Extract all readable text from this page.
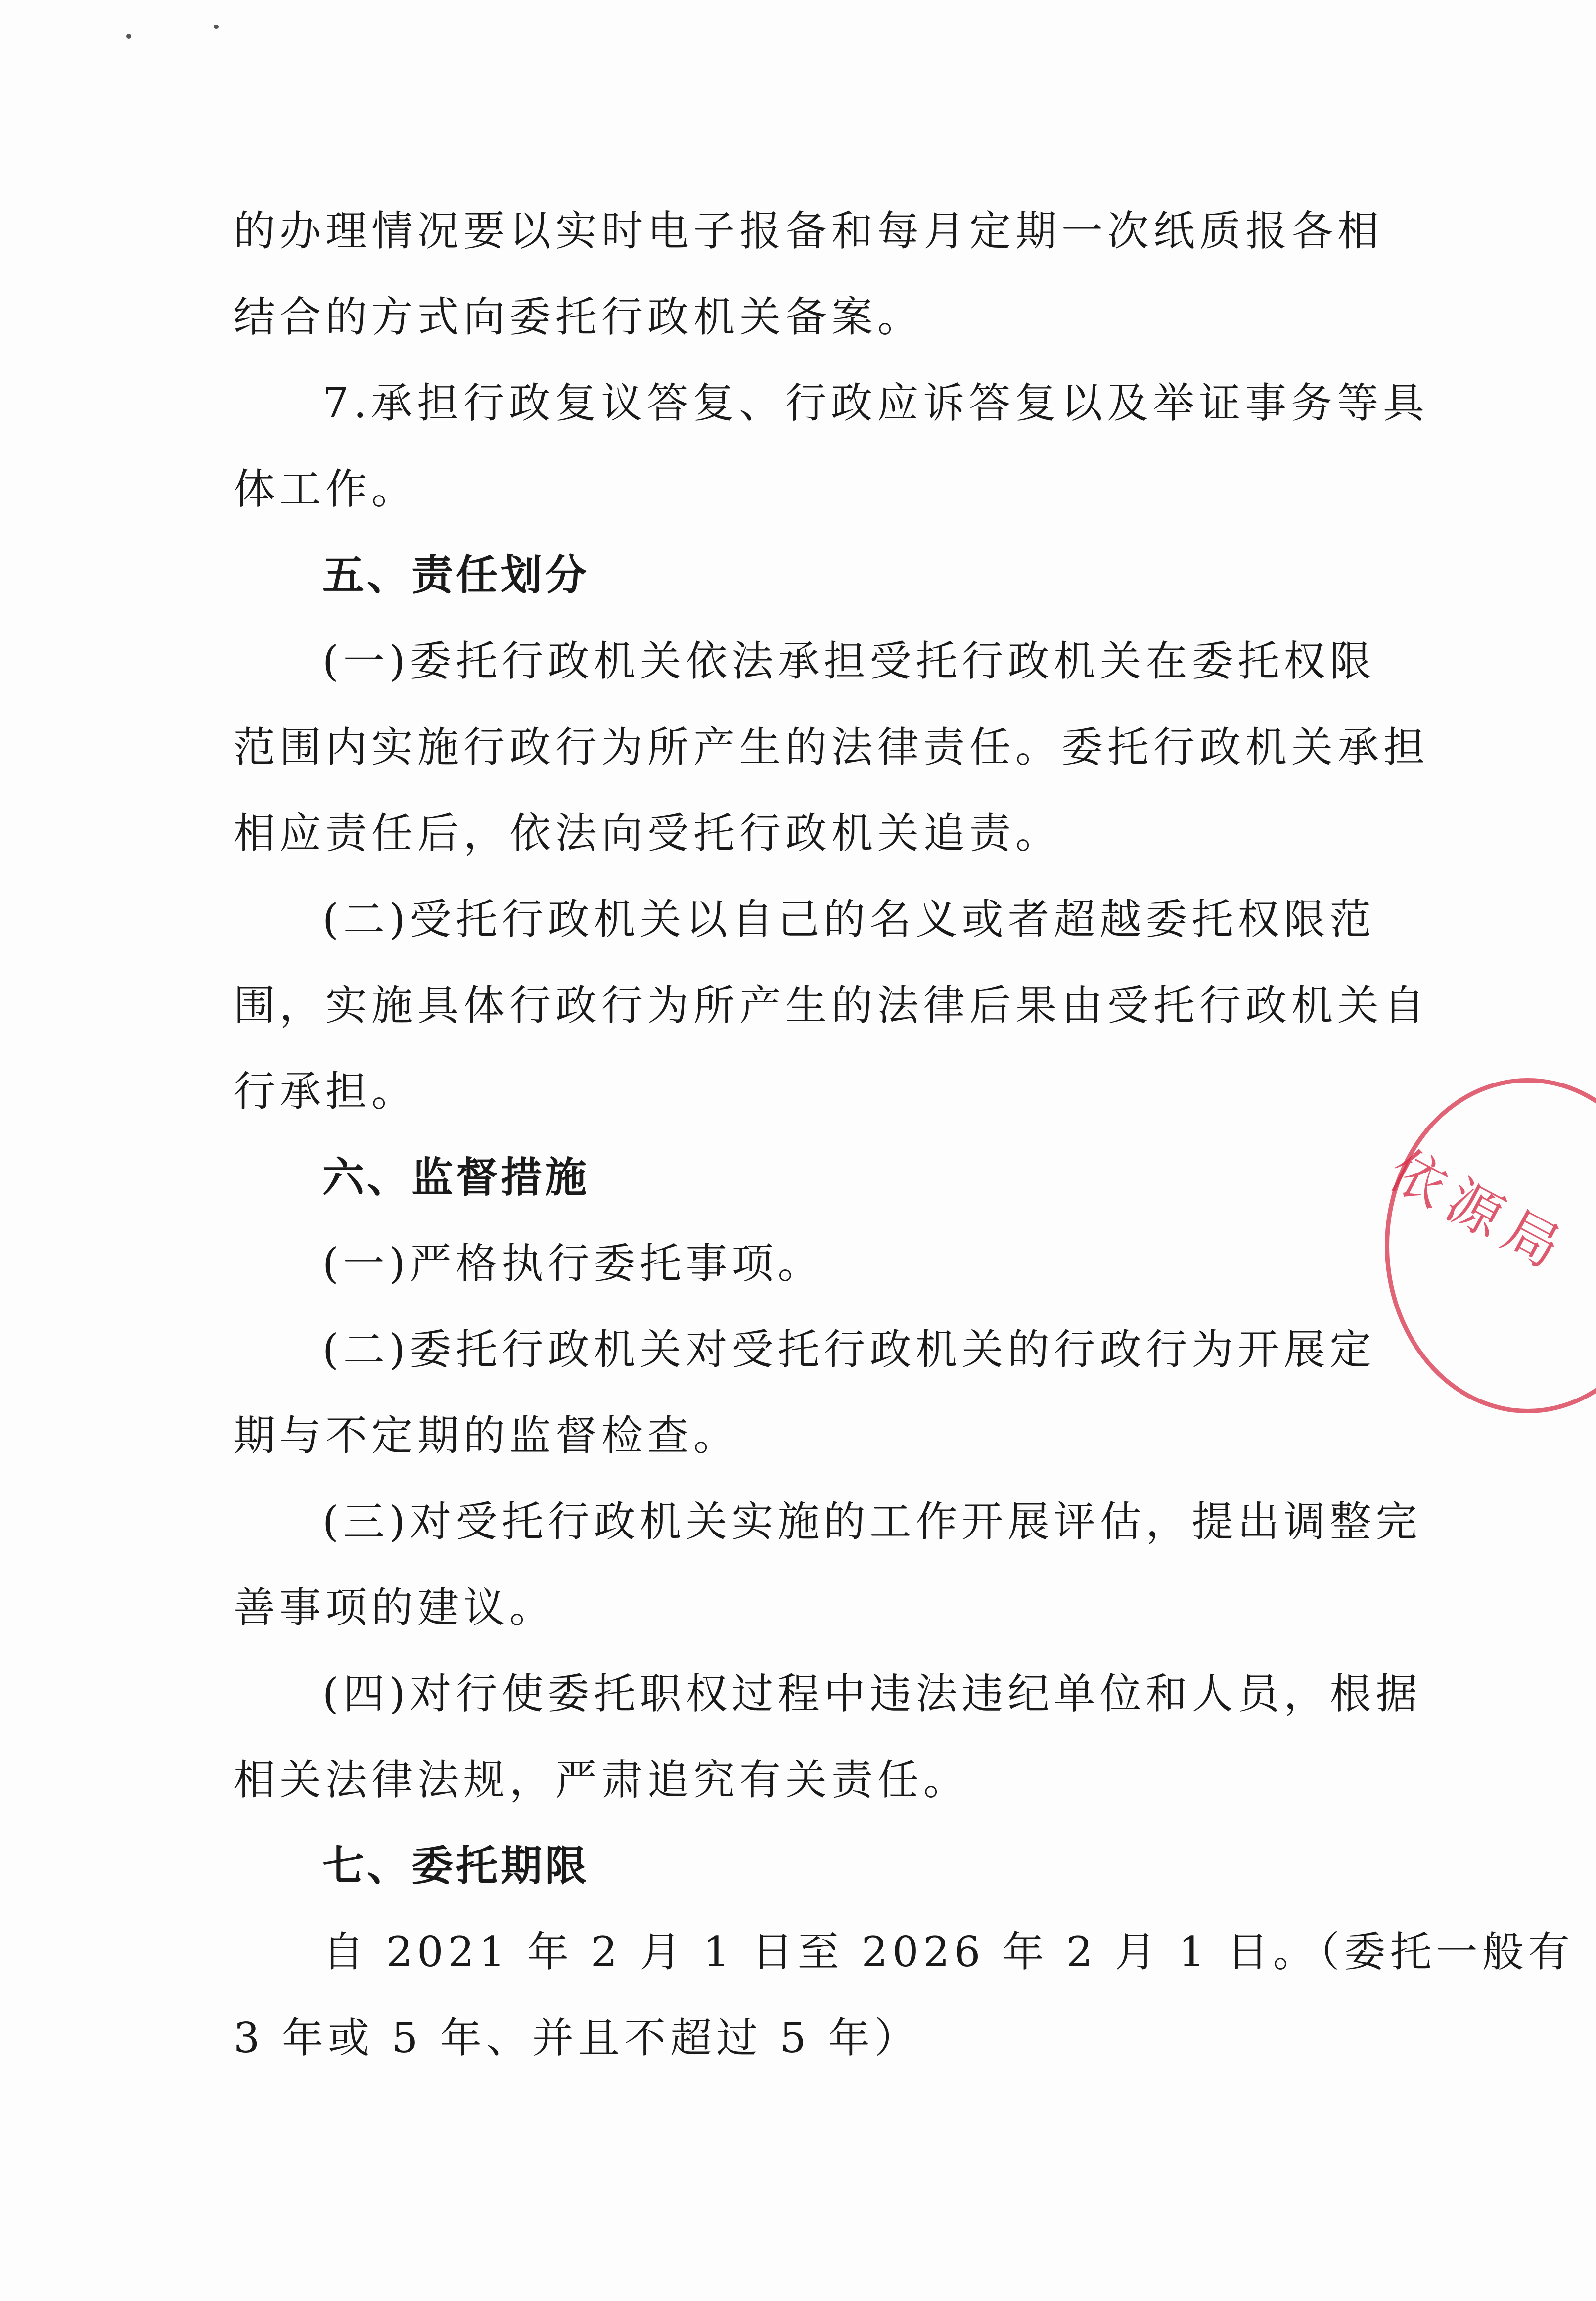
的办理情况要以实时电子报备和每月定期一次纸质报各相
结合的方式向委托行政机关备案。
7.承担行政复议答复、行政应诉答复以及举证事务等具
体工作。
五、责任划分
(一)委托行政机关依法承担受托行政机关在委托权限
范围内实施行政行为所产生的法律责任。委托行政机关承担
相应责任后，依法向受托行政机关追责。
(二)受托行政机关以自己的名义或者超越委托权限范
围，实施具体行政行为所产生的法律后果由受托行政机关自
行承担。
六、监督措施
(一)严格执行委托事项。
(二)委托行政机关对受托行政机关的行政行为开展定
期与不定期的监督检查。
(三)对受托行政机关实施的工作开展评估，提出调整完
善事项的建议。
(四)对行使委托职权过程中违法违纪单位和人员，根据
相关法律法规，严肃追究有关责任。
七、委托期限
自 2021 年 2 月 1 日至 2026 年 2 月 1 日。（委托一般有
3 年或 5 年、并且不超过 5 年）
依源局
